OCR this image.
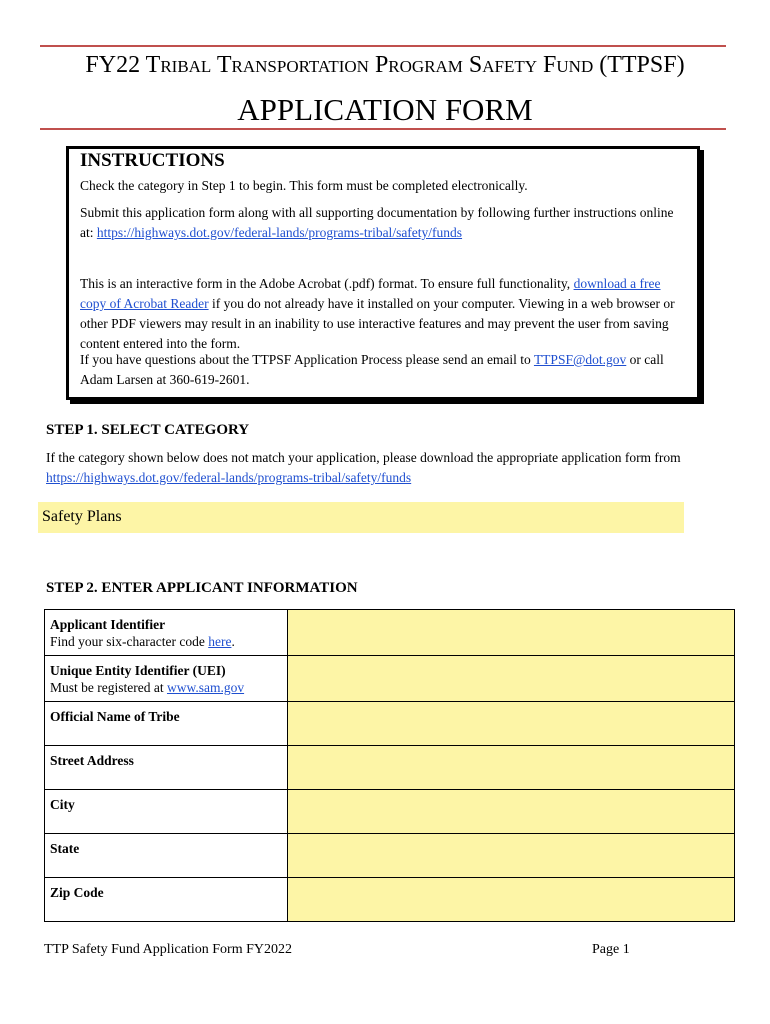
FY22 Tribal Transportation Program Safety Fund (TTPSF)
APPLICATION FORM
INSTRUCTIONS
Check the category in Step 1 to begin. This form must be completed electronically.
Submit this application form along with all supporting documentation by following further instructions online at: https://highways.dot.gov/federal-lands/programs-tribal/safety/funds
This is an interactive form in the Adobe Acrobat (.pdf) format. To ensure full functionality, download a free copy of Acrobat Reader if you do not already have it installed on your computer. Viewing in a web browser or other PDF viewers may result in an inability to use interactive features and may prevent the user from saving content entered into the form.
If you have questions about the TTPSF Application Process please send an email to TTPSF@dot.gov or call Adam Larsen at 360-619-2601.
STEP 1. SELECT CATEGORY
If the category shown below does not match your application, please download the appropriate application form from https://highways.dot.gov/federal-lands/programs-tribal/safety/funds
Safety Plans
STEP 2. ENTER APPLICANT INFORMATION
Applicant Identifier
Find your six-character code here.	

Unique Entity Identifier (UEI)
Must be registered at www.sam.gov	

Official Name of Tribe

Street Address

City

State

Zip Code

TTP Safety Fund Application Form FY2022	Page 1
